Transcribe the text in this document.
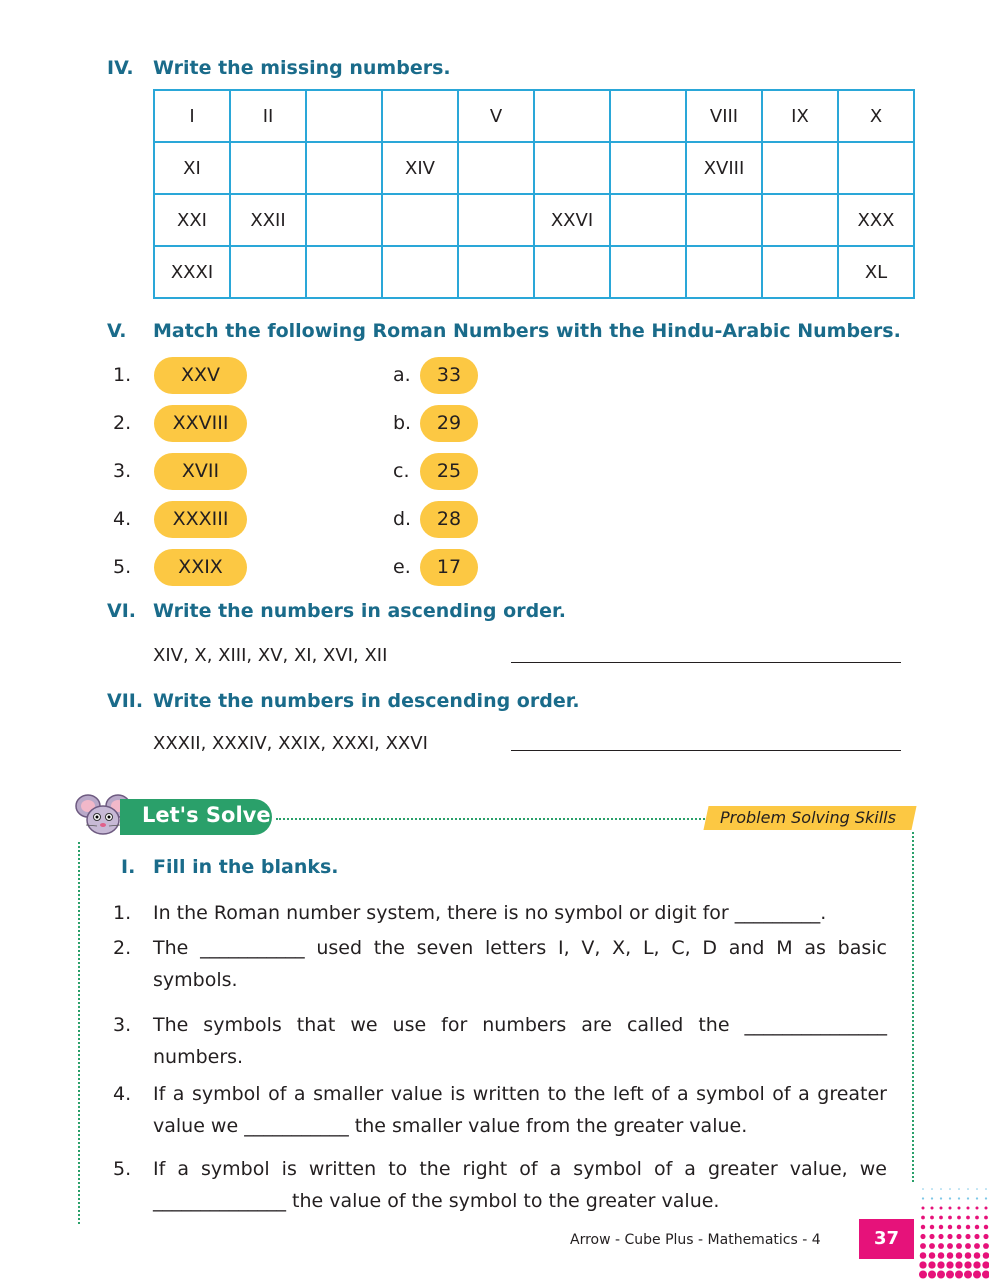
IV. Write the missing numbers.
I	II			V			VIII	IX	X
XI			XIV				XVIII		
XXI	XXII				XXVI				XXX
XXXI									XL
V. Match the following Roman Numbers with the Hindu-Arabic Numbers.
1.	XXV
2.	XXVIII
3.	XVII
4.	XXXIII
5.	XXIX
a.	33
b.	29
c.	25
d.	28
e.	17
VI. Write the numbers in ascending order.
XIV, X, XIII, XV, XI, XVI, XII
VII. Write the numbers in descending order.
XXXII, XXXIV, XXIX, XXXI, XXVI
Let's Solve	Problem Solving Skills
I. Fill in the blanks.
1. In the Roman number system, there is no symbol or digit for _________.
2. The ___________ used the seven letters I, V, X, L, C, D and M as basic symbols.
3. The symbols that we use for numbers are called the _______________ numbers.
4. If a symbol of a smaller value is written to the left of a symbol of a greater value we ___________ the smaller value from the greater value.
5. If a symbol is written to the right of a symbol of a greater value, we ______________ the value of the symbol to the greater value.
Arrow - Cube Plus - Mathematics - 4	37
